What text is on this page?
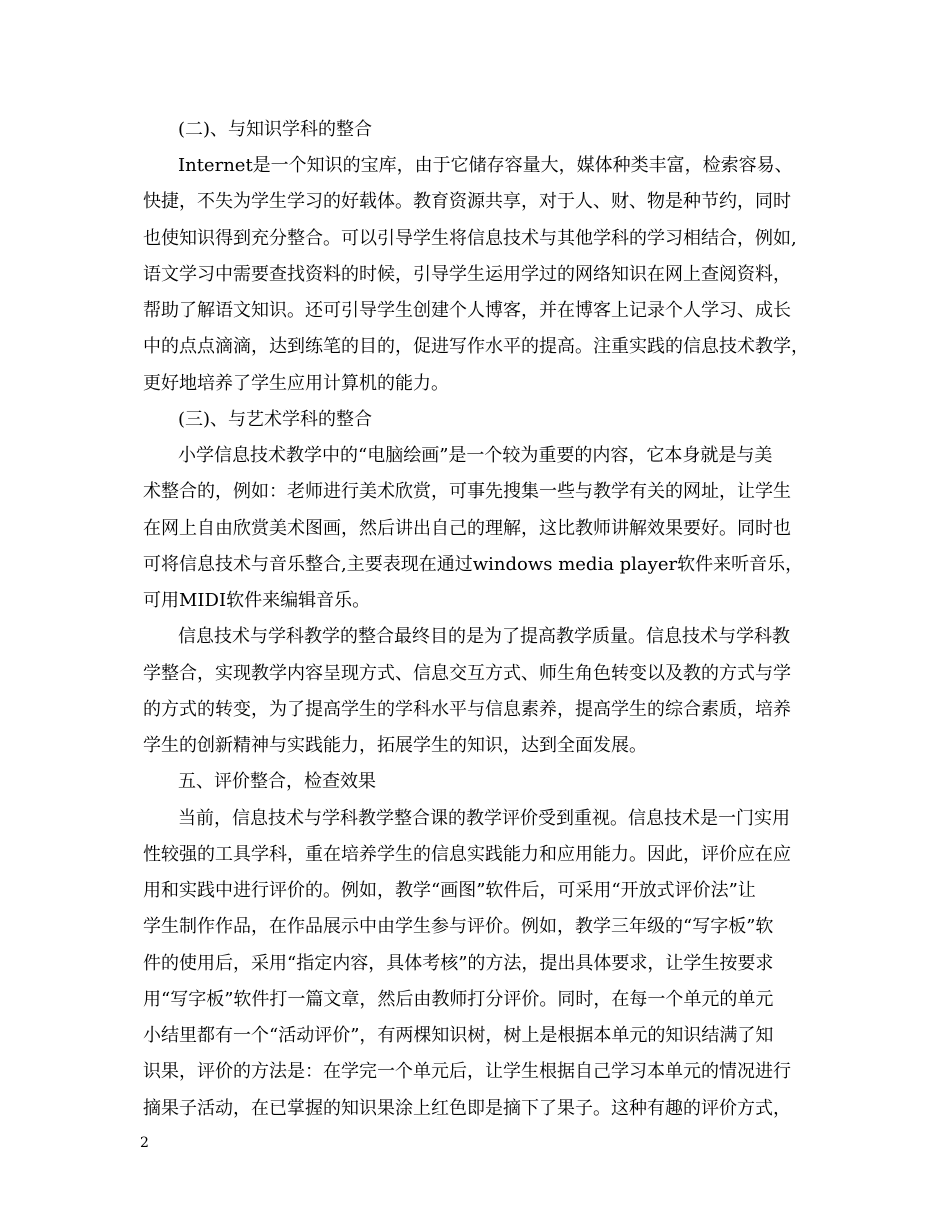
(二)、与知识学科的整合
Internet是一个知识的宝库，由于它储存容量大，媒体种类丰富，检索容易、
快捷，不失为学生学习的好载体。教育资源共享，对于人、财、物是种节约，同时
也使知识得到充分整合。可以引导学生将信息技术与其他学科的学习相结合，例如,
语文学习中需要查找资料的时候，引导学生运用学过的网络知识在网上查阅资料，
帮助了解语文知识。还可引导学生创建个人博客，并在博客上记录个人学习、成长
中的点点滴滴，达到练笔的目的，促进写作水平的提高。注重实践的信息技术教学，
更好地培养了学生应用计算机的能力。
(三)、与艺术学科的整合
小学信息技术教学中的“电脑绘画”是一个较为重要的内容，它本身就是与美
术整合的，例如：老师进行美术欣赏，可事先搜集一些与教学有关的网址，让学生
在网上自由欣赏美术图画，然后讲出自己的理解，这比教师讲解效果要好。同时也
可将信息技术与音乐整合,主要表现在通过windows media player软件来听音乐，
可用MIDI软件来编辑音乐。
信息技术与学科教学的整合最终目的是为了提高教学质量。信息技术与学科教
学整合，实现教学内容呈现方式、信息交互方式、师生角色转变以及教的方式与学
的方式的转变，为了提高学生的学科水平与信息素养，提高学生的综合素质，培养
学生的创新精神与实践能力，拓展学生的知识，达到全面发展。
五、评价整合，检查效果
当前，信息技术与学科教学整合课的教学评价受到重视。信息技术是一门实用
性较强的工具学科，重在培养学生的信息实践能力和应用能力。因此，评价应在应
用和实践中进行评价的。例如，教学“画图”软件后，可采用“开放式评价法”让
学生制作作品，在作品展示中由学生参与评价。例如，教学三年级的“写字板”软
件的使用后，采用“指定内容，具体考核”的方法，提出具体要求，让学生按要求
用“写字板”软件打一篇文章，然后由教师打分评价。同时，在每一个单元的单元
小结里都有一个“活动评价”，有两棵知识树，树上是根据本单元的知识结满了知
识果，评价的方法是：在学完一个单元后，让学生根据自己学习本单元的情况进行
摘果子活动，在已掌握的知识果涂上红色即是摘下了果子。这种有趣的评价方式，
2
